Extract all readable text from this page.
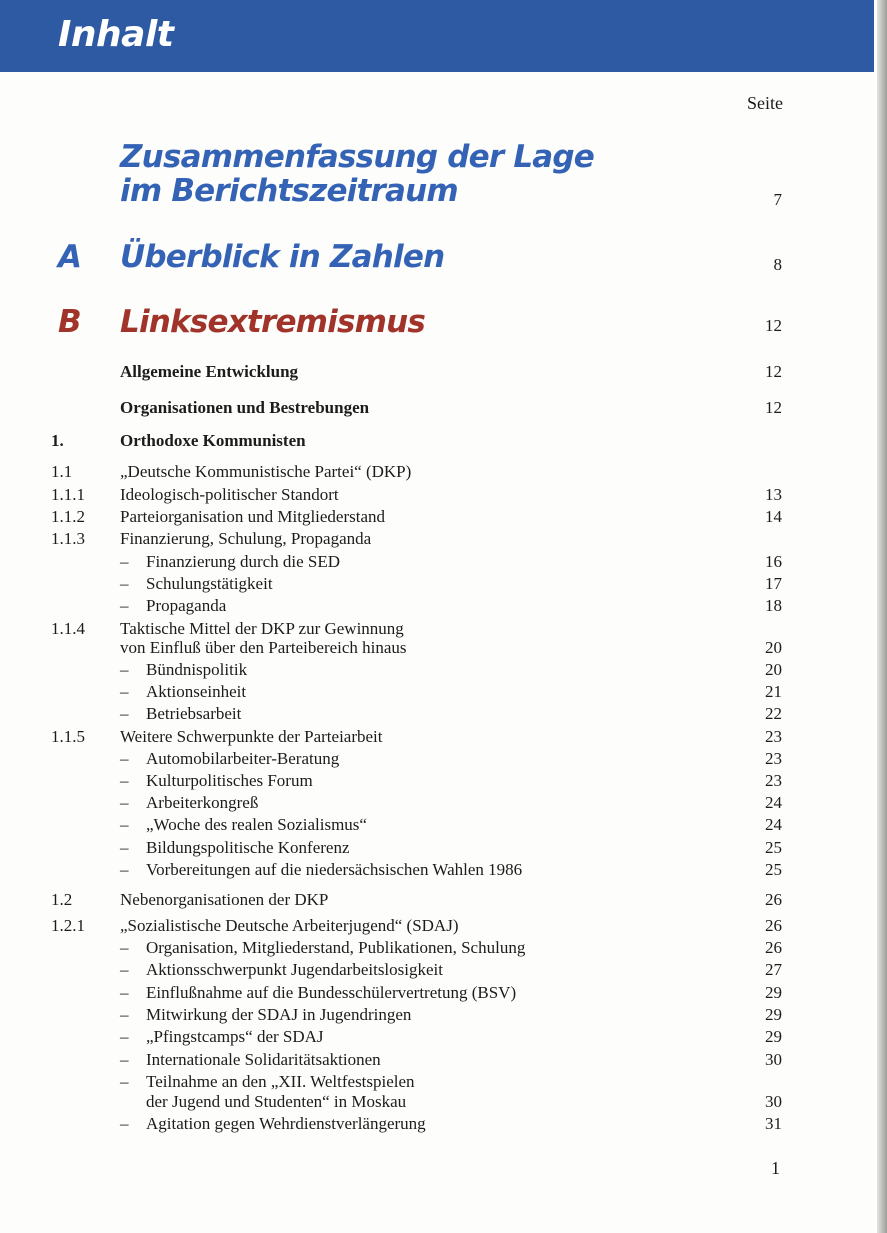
Inhalt
Seite
Zusammenfassung der Lage
im Berichtszeitraum	7
A Überblick in Zahlen	8
B Linksextremismus	12
Allgemeine Entwicklung	12
Organisationen und Bestrebungen	12
1.	Orthodoxe Kommunisten
1.1	„Deutsche Kommunistische Partei“ (DKP)
1.1.1 Ideologisch-politischer Standort	13
1.1.2 Parteiorganisation und Mitgliederstand	14
1.1.3 Finanzierung, Schulung, Propaganda
– Finanzierung durch die SED	16
– Schulungstätigkeit	17
– Propaganda	18
1.1.4 Taktische Mittel der DKP zur Gewinnung
von Einfluß über den Parteibereich hinaus	20
– Bündnispolitik	20
– Aktionseinheit	21
– Betriebsarbeit	22
1.1.5 Weitere Schwerpunkte der Parteiarbeit	23
– Automobilarbeiter-Beratung	23
– Kulturpolitisches Forum	23
– Arbeiterkongreß	24
– „Woche des realen Sozialismus“	24
– Bildungspolitische Konferenz	25
– Vorbereitungen auf die niedersächsischen Wahlen 1986	25
1.2	Nebenorganisationen der DKP	26
1.2.1 „Sozialistische Deutsche Arbeiterjugend“ (SDAJ)	26
– Organisation, Mitgliederstand, Publikationen, Schulung	26
– Aktionsschwerpunkt Jugendarbeitslosigkeit	27
– Einflußnahme auf die Bundesschülervertretung (BSV)	29
– Mitwirkung der SDAJ in Jugendringen	29
– „Pfingstcamps“ der SDAJ	29
– Internationale Solidaritätsaktionen	30
– Teilnahme an den „XII. Weltfestspielen
der Jugend und Studenten“ in Moskau	30
– Agitation gegen Wehrdienstverlängerung	31
1
